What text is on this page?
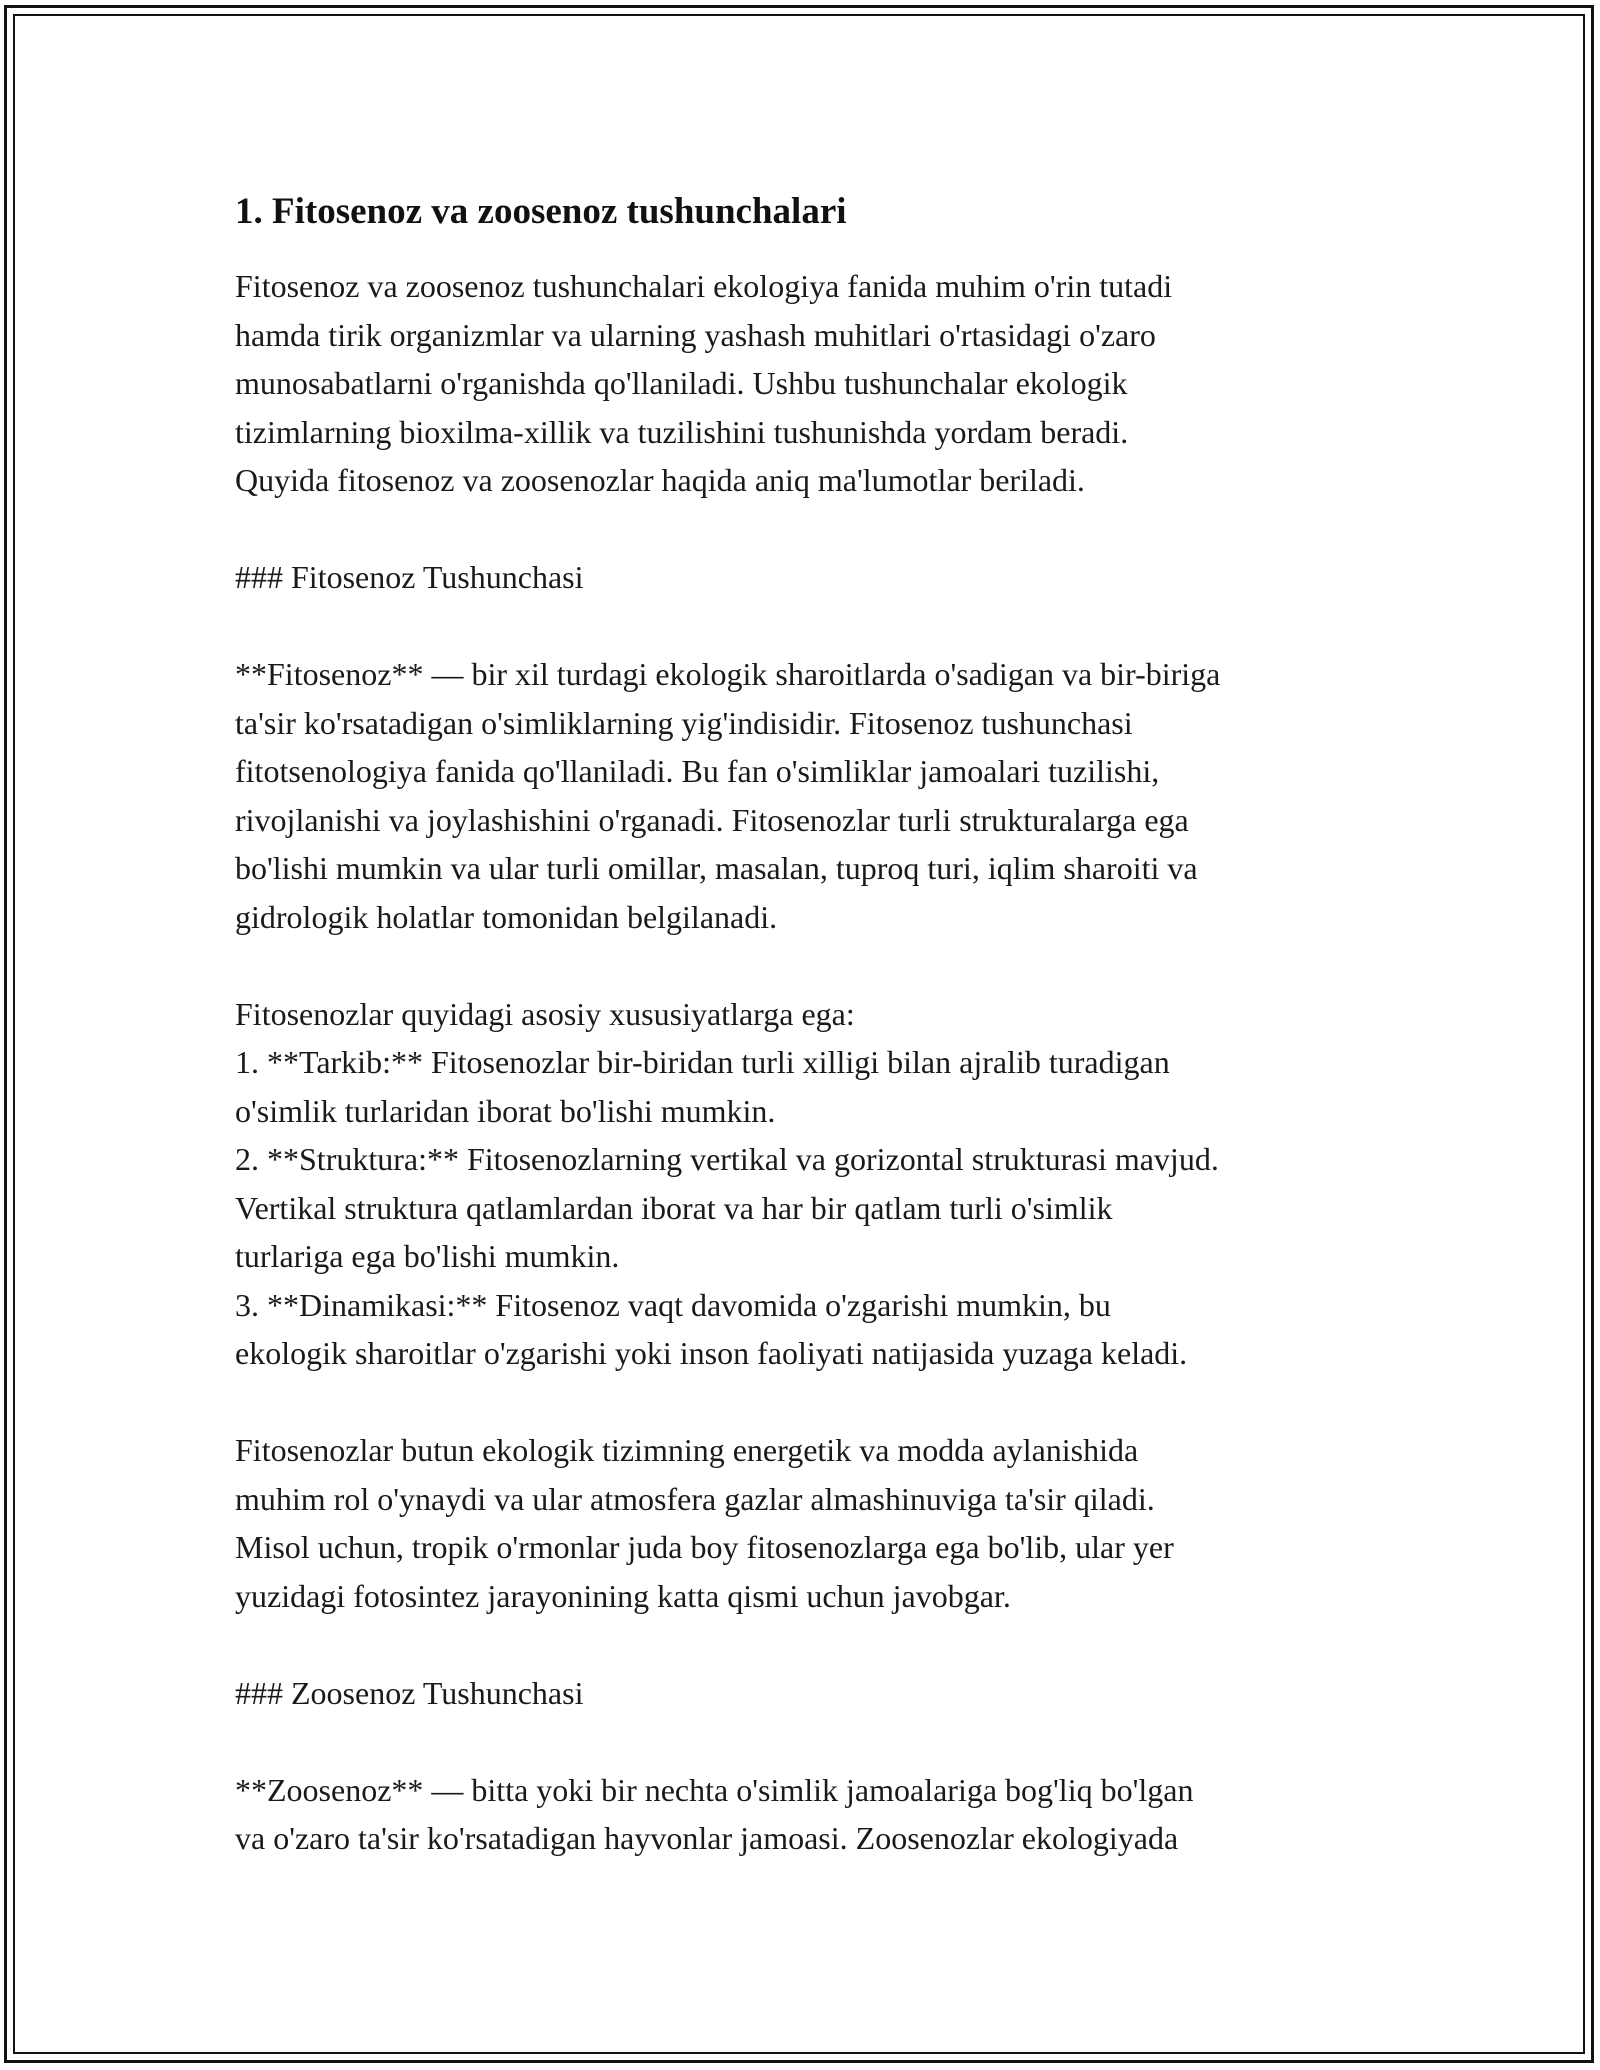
1. Fitosenoz va zoosenoz tushunchalari

Fitosenoz va zoosenoz tushunchalari ekologiya fanida muhim o'rin tutadi
hamda tirik organizmlar va ularning yashash muhitlari o'rtasidagi o'zaro
munosabatlarni o'rganishda qo'llaniladi. Ushbu tushunchalar ekologik
tizimlarning bioxilma-xillik va tuzilishini tushunishda yordam beradi.
Quyida fitosenoz va zoosenozlar haqida aniq ma'lumotlar beriladi.

### Fitosenoz Tushunchasi

**Fitosenoz** — bir xil turdagi ekologik sharoitlarda o'sadigan va bir-biriga
ta'sir ko'rsatadigan o'simliklarning yig'indisidir. Fitosenoz tushunchasi
fitotsenologiya fanida qo'llaniladi. Bu fan o'simliklar jamoalari tuzilishi,
rivojlanishi va joylashishini o'rganadi. Fitosenozlar turli strukturalarga ega
bo'lishi mumkin va ular turli omillar, masalan, tuproq turi, iqlim sharoiti va
gidrologik holatlar tomonidan belgilanadi.

Fitosenozlar quyidagi asosiy xususiyatlarga ega:

1. **Tarkib:** Fitosenozlar bir-biridan turli xilligi bilan ajralib turadigan
o'simlik turlaridan iborat bo'lishi mumkin.

2. **Struktura:** Fitosenozlarning vertikal va gorizontal strukturasi mavjud.
Vertikal struktura qatlamlardan iborat va har bir qatlam turli o'simlik
turlariga ega bo'lishi mumkin.

3. **Dinamikasi:** Fitosenoz vaqt davomida o'zgarishi mumkin, bu
ekologik sharoitlar o'zgarishi yoki inson faoliyati natijasida yuzaga keladi.

Fitosenozlar butun ekologik tizimning energetik va modda aylanishida
muhim rol o'ynaydi va ular atmosfera gazlar almashinuviga ta'sir qiladi.
Misol uchun, tropik o'rmonlar juda boy fitosenozlarga ega bo'lib, ular yer
yuzidagi fotosintez jarayonining katta qismi uchun javobgar.

### Zoosenoz Tushunchasi

**Zoosenoz** — bitta yoki bir nechta o'simlik jamoalariga bog'liq bo'lgan
va o'zaro ta'sir ko'rsatadigan hayvonlar jamoasi. Zoosenozlar ekologiyada
